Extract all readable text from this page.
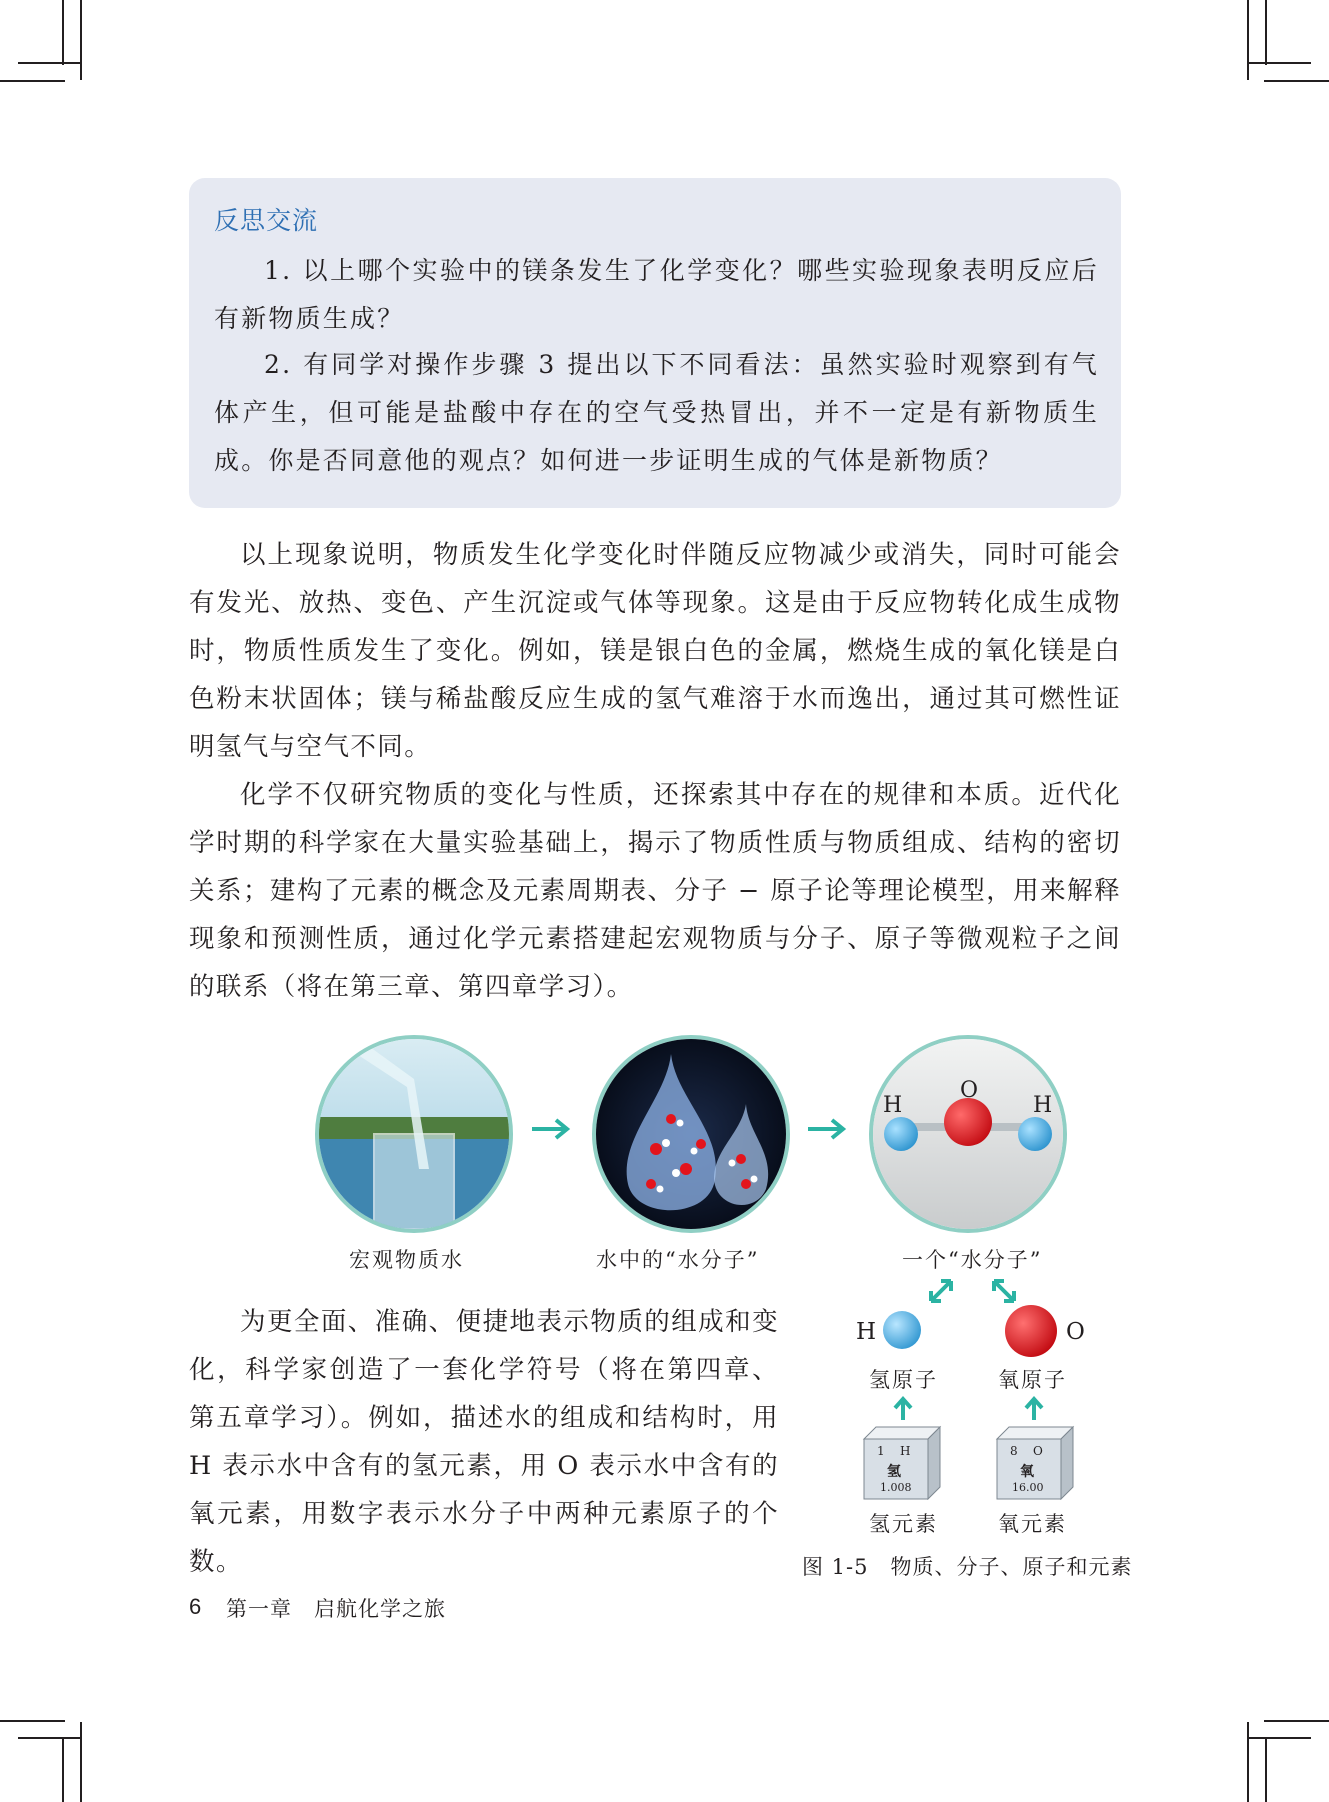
反思交流

1. 以上哪个实验中的镁条发生了化学变化？哪些实验现象表明反应后有新物质生成？

2. 有同学对操作步骤 3 提出以下不同看法：虽然实验时观察到有气体产生，但可能是盐酸中存在的空气受热冒出，并不一定是有新物质生成。你是否同意他的观点？如何进一步证明生成的气体是新物质？

以上现象说明，物质发生化学变化时伴随反应物减少或消失，同时可能会有发光、放热、变色、产生沉淀或气体等现象。这是由于反应物转化成生成物时，物质性质发生了变化。例如，镁是银白色的金属，燃烧生成的氧化镁是白色粉末状固体；镁与稀盐酸反应生成的氢气难溶于水而逸出，通过其可燃性证明氢气与空气不同。

化学不仅研究物质的变化与性质，还探索其中存在的规律和本质。近代化学时期的科学家在大量实验基础上，揭示了物质性质与物质组成、结构的密切关系；建构了元素的概念及元素周期表、分子 − 原子论等理论模型，用来解释现象和预测性质，通过化学元素搭建起宏观物质与分子、原子等微观粒子之间的联系（将在第三章、第四章学习）。

为更全面、准确、便捷地表示物质的组成和变化，科学家创造了一套化学符号（将在第四章、第五章学习）。例如，描述水的组成和结构时，用 H 表示水中含有的氢元素，用 O 表示水中含有的氧元素，用数字表示水分子中两种元素原子的个数。

H
O
H
宏观物质水	水中的“水分子”	一个“水分子”
H	O
氢原子	氧原子
1 H
氢
1.008
8 O
氧
16.00
氢元素	氧元素
图 1-5　物质、分子、原子和元素
6 第一章　启航化学之旅
